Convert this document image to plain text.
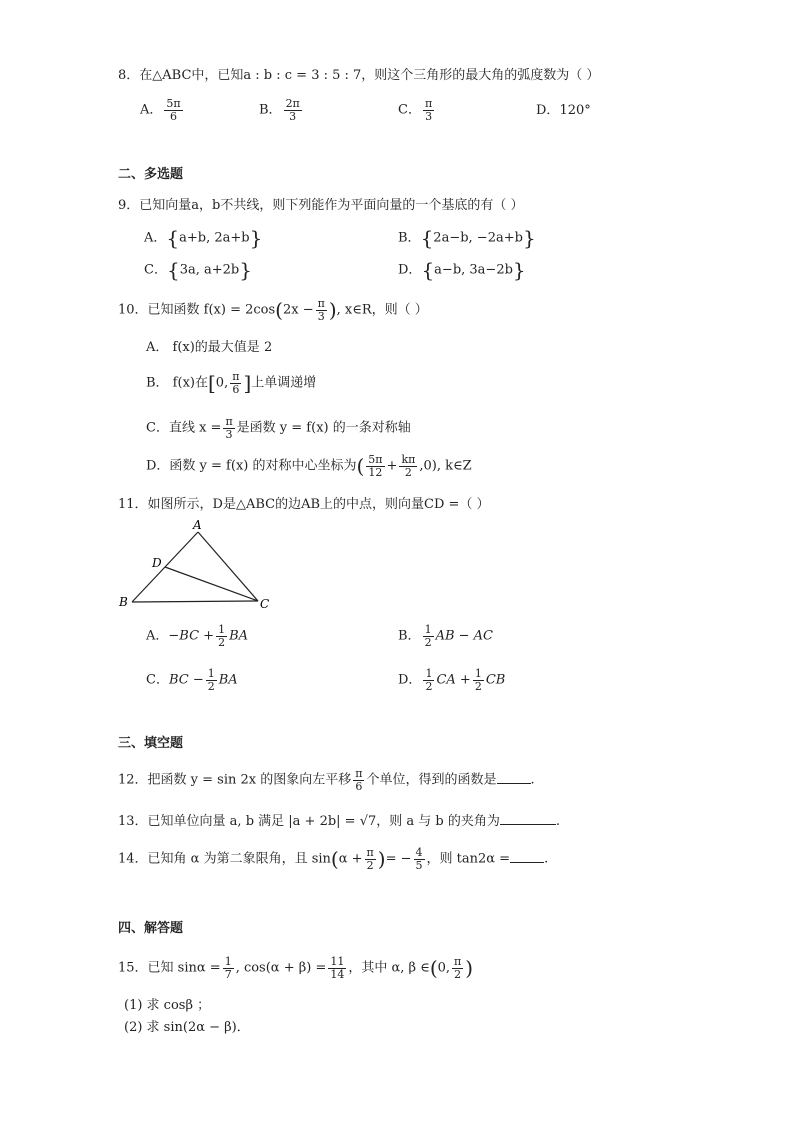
8．在△ABC中，已知a : b : c = 3 : 5 : 7，则这个三角形的最大角的弧度数为（ ）
A． $\frac{5\pi}{6}$	B． $\frac{2\pi}{3}$	C． $\frac{\pi}{3}$	D．120°
二、多选题
9．已知向量a，b不共线，则下列能作为平面向量的一个基底的有（ ）
A．{a+b, 2a+b}	B．{2a−b, −2a+b}
C．{3a, a+2b}	D．{a−b, 3a−2b}
10．已知函数 $f(x) = 2\cos(2x - \frac{\pi}{3}$ ), x∈R，则（ ）
A． f(x)的最大值是 2
B． f(x)在[0, $\frac{\pi}{6}$ ]上单调递增
C．直线 $x = \frac{\pi}{3}$ 是函数 y = f(x) 的一条对称轴
D．函数 y = f(x) 的对称中心坐标为( $\frac{5\pi}{12} + \frac{k\pi}{2} ,0$), k∈Z
11．如图所示，D是△ABC的边AB上的中点，则向量CD =（ ）
A
B	C
D
A．$-BC + \frac{1}{2}$ BA	B． $\frac{1}{2}$ AB − AC
C．BC − $\frac{1}{2}$ BA	D． $\frac{1}{2}$ CA + $\frac{1}{2}$ CB
三、填空题
12．把函数 y = sin 2x 的图象向左平移 $\frac{\pi}{6}$ 个单位，得到的函数是	.
13．已知单位向量 a, b 满足 |a + 2b| = √7，则 a 与 b 的夹角为	.
14．已知角 α 为第二象限角，且 $\sin(\alpha + \frac{\pi}{2}$ )= − $\frac{4}{5}$ ，则 tan2α =	.
四、解答题
15．已知 $\sin\alpha = \frac{1}{7}$ , $\cos(\alpha + \beta) = \frac{11}{14}$ ，其中 α, β ∈(0, $\frac{\pi}{2}$ )
(1) 求 cosβ ；
(2) 求 sin(2α − β)．
